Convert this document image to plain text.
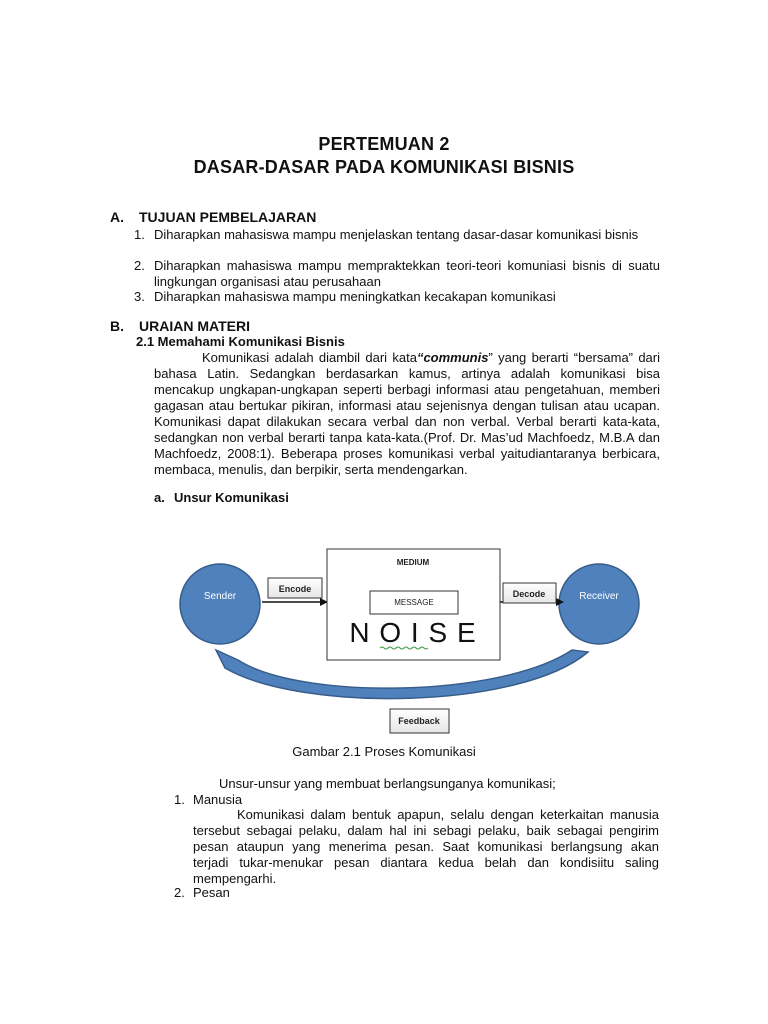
PERTEMUAN 2
DASAR-DASAR PADA KOMUNIKASI BISNIS
A. TUJUAN PEMBELAJARAN
1. Diharapkan mahasiswa mampu menjelaskan tentang dasar-dasar komunikasi bisnis
2. Diharapkan mahasiswa mampu mempraktekkan teori-teori komuniasi bisnis di suatu lingkungan organisasi atau perusahaan
3. Diharapkan mahasiswa mampu meningkatkan kecakapan komunikasi
B. URAIAN MATERI
2.1 Memahami Komunikasi Bisnis
Komunikasi adalah diambil dari kata“communis” yang berarti “bersama” dari bahasa Latin. Sedangkan berdasarkan kamus, artinya adalah komunikasi bisa mencakup ungkapan-ungkapan seperti berbagi informasi atau pengetahuan, memberi gagasan atau bertukar pikiran, informasi atau sejenisnya dengan tulisan atau ucapan. Komunikasi dapat dilakukan secara verbal dan non verbal. Verbal berarti kata-kata, sedangkan non verbal berarti tanpa kata-kata.(Prof. Dr. Mas’ud Machfoedz, M.B.A dan Machfoedz, 2008:1). Beberapa proses komunikasi verbal yaitudiantaranya berbicara, membaca, menulis, dan berpikir, serta mendengarkan.
a. Unsur Komunikasi
Sender	Receiver
Encode
MEDIUM
MESSAGE
N O I S E
Decode
Feedback
Gambar 2.1 Proses Komunikasi
Unsur-unsur yang membuat berlangsunganya komunikasi;
1. Manusia
Komunikasi dalam bentuk apapun, selalu dengan keterkaitan manusia tersebut sebagai pelaku, dalam hal ini sebagi pelaku, baik sebagai pengirim pesan ataupun yang menerima pesan. Saat komunikasi berlangsung akan terjadi tukar-menukar pesan diantara kedua belah dan kondisiitu saling mempengarhi.
2. Pesan
